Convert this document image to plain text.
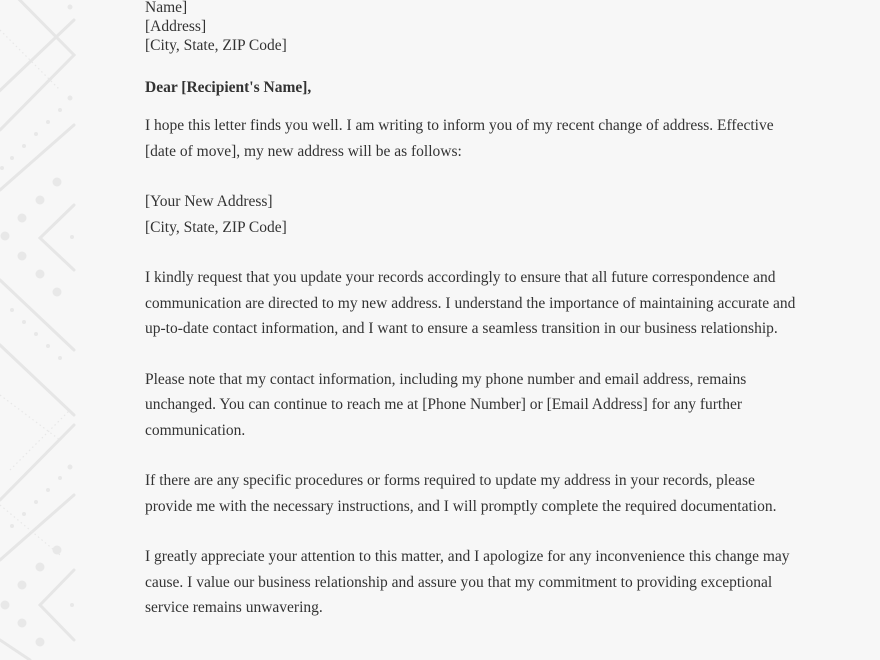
Name]
[Address]
[City, State, ZIP Code]
Dear [Recipient's Name],
I hope this letter finds you well. I am writing to inform you of my recent change of address. Effective [date of move], my new address will be as follows:
[Your New Address]
[City, State, ZIP Code]
I kindly request that you update your records accordingly to ensure that all future correspondence and communication are directed to my new address. I understand the importance of maintaining accurate and up-to-date contact information, and I want to ensure a seamless transition in our business relationship.
Please note that my contact information, including my phone number and email address, remains unchanged. You can continue to reach me at [Phone Number] or [Email Address] for any further communication.
If there are any specific procedures or forms required to update my address in your records, please provide me with the necessary instructions, and I will promptly complete the required documentation.
I greatly appreciate your attention to this matter, and I apologize for any inconvenience this change may cause. I value our business relationship and assure you that my commitment to providing exceptional service remains unwavering.
